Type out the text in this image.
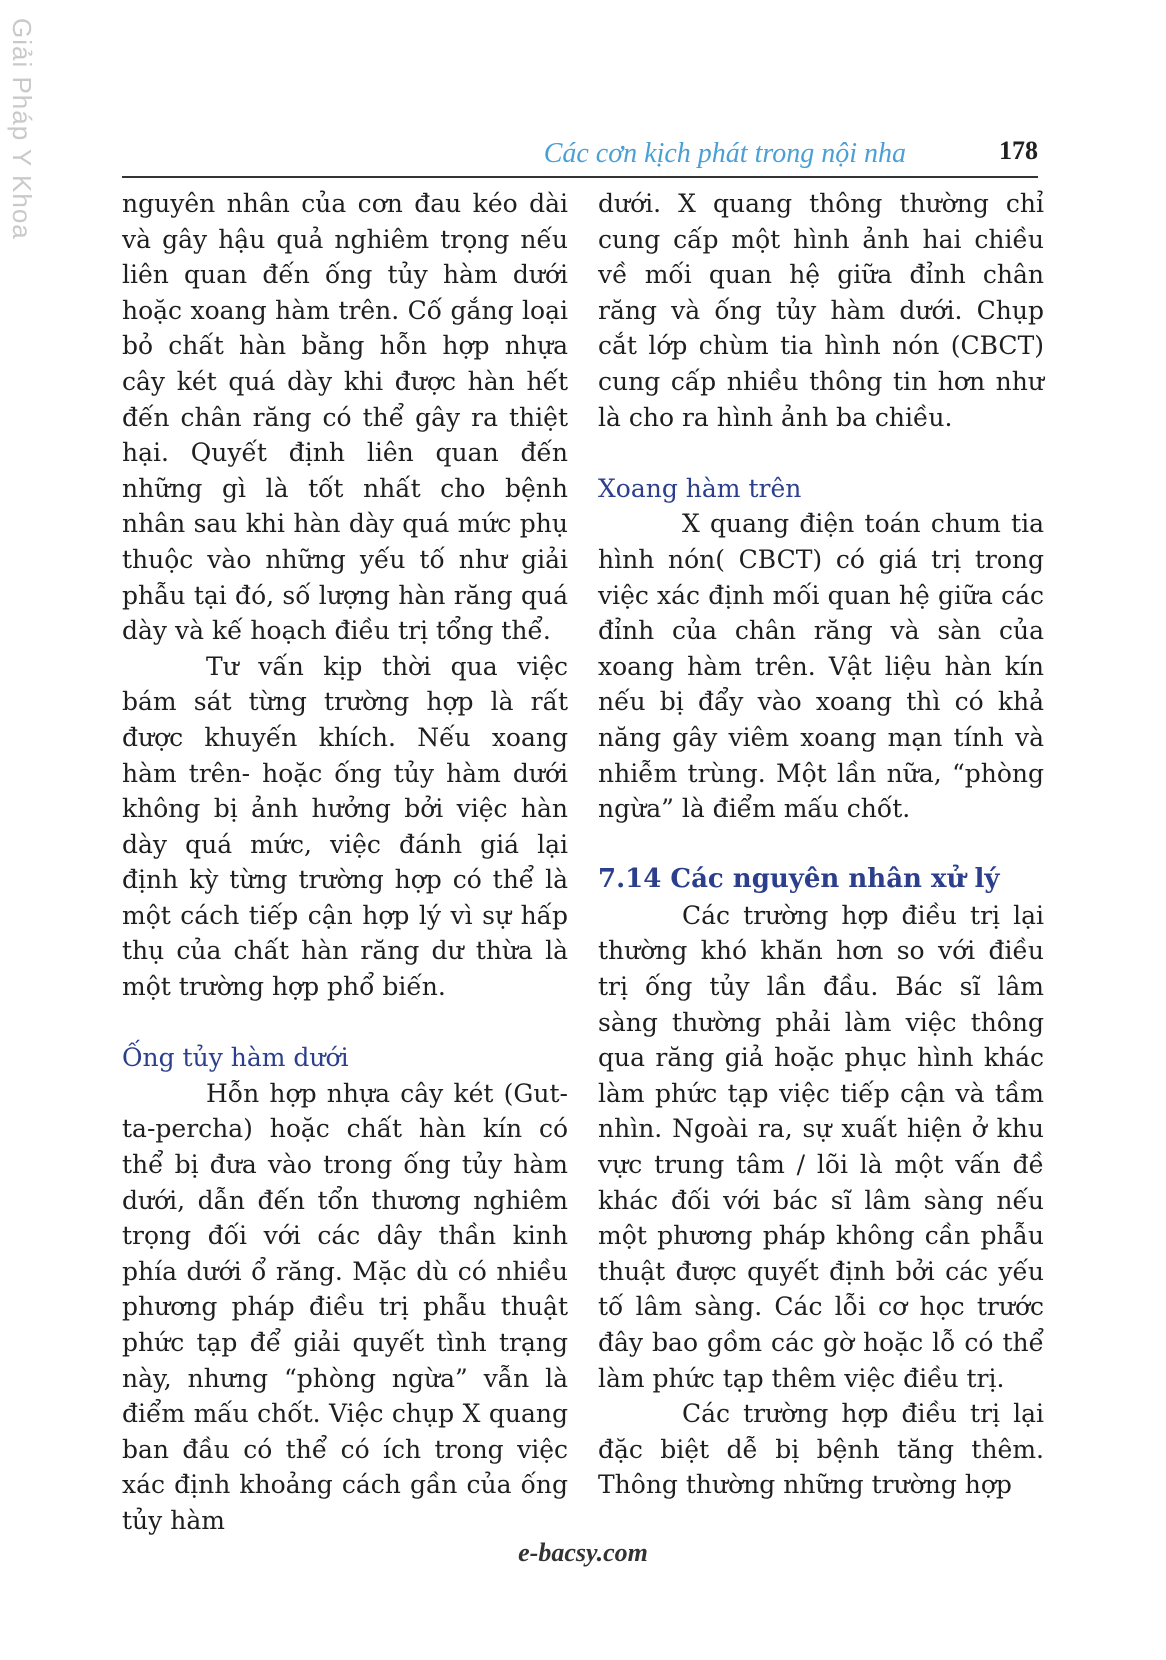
Giải Pháp Y Khoa	Các cơn kịch phát trong nội nha	178

nguyên nhân của cơn đau kéo dài và gây hậu quả nghiêm trọng nếu liên quan đến ống tủy hàm dưới hoặc xoang hàm trên. Cố gắng loại bỏ chất hàn bằng hỗn hợp nhựa cây két quá dày khi được hàn hết đến chân răng có thể gây ra thiệt hại. Quyết định liên quan đến những gì là tốt nhất cho bệnh nhân sau khi hàn dày quá mức phụ thuộc vào những yếu tố như giải phẫu tại đó, số lượng hàn răng quá dày và kế hoạch điều trị tổng thể.

Tư vấn kịp thời qua việc bám sát từng trường hợp là rất được khuyến khích. Nếu xoang hàm trên- hoặc ống tủy hàm dưới không bị ảnh hưởng bởi việc hàn dày quá mức, việc đánh giá lại định kỳ từng trường hợp có thể là một cách tiếp cận hợp lý vì sự hấp thụ của chất hàn răng dư thừa là một trường hợp phổ biến.

Ống tủy hàm dưới

Hỗn hợp nhựa cây két (Gut-ta-percha) hoặc chất hàn kín có thể bị đưa vào trong ống tủy hàm dưới, dẫn đến tổn thương nghiêm trọng đối với các dây thần kinh phía dưới ổ răng. Mặc dù có nhiều phương pháp điều trị phẫu thuật phức tạp để giải quyết tình trạng này, nhưng “phòng ngừa” vẫn là điểm mấu chốt. Việc chụp X quang ban đầu có thể có ích trong việc xác định khoảng cách gần của ống tủy hàm

dưới. X quang thông thường chỉ cung cấp một hình ảnh hai chiều về mối quan hệ giữa đỉnh chân răng và ống tủy hàm dưới. Chụp cắt lớp chùm tia hình nón (CBCT) cung cấp nhiều thông tin hơn như là cho ra hình ảnh ba chiều.

Xoang hàm trên

X quang điện toán chum tia hình nón( CBCT) có giá trị trong việc xác định mối quan hệ giữa các đỉnh của chân răng và sàn của xoang hàm trên. Vật liệu hàn kín nếu bị đẩy vào xoang thì có khả năng gây viêm xoang mạn tính và nhiễm trùng. Một lần nữa, “phòng ngừa” là điểm mấu chốt.

7.14 Các nguyên nhân xử lý

Các trường hợp điều trị lại thường khó khăn hơn so với điều trị ống tủy lần đầu. Bác sĩ lâm sàng thường phải làm việc thông qua răng giả hoặc phục hình khác làm phức tạp việc tiếp cận và tầm nhìn. Ngoài ra, sự xuất hiện ở khu vực trung tâm / lõi là một vấn đề khác đối với bác sĩ lâm sàng nếu một phương pháp không cần phẫu thuật được quyết định bởi các yếu tố lâm sàng. Các lỗi cơ học trước đây bao gồm các gờ hoặc lỗ có thể làm phức tạp thêm việc điều trị.

Các trường hợp điều trị lại đặc biệt dễ bị bệnh tăng thêm. Thông thường những trường hợp

e-bacsy.com
